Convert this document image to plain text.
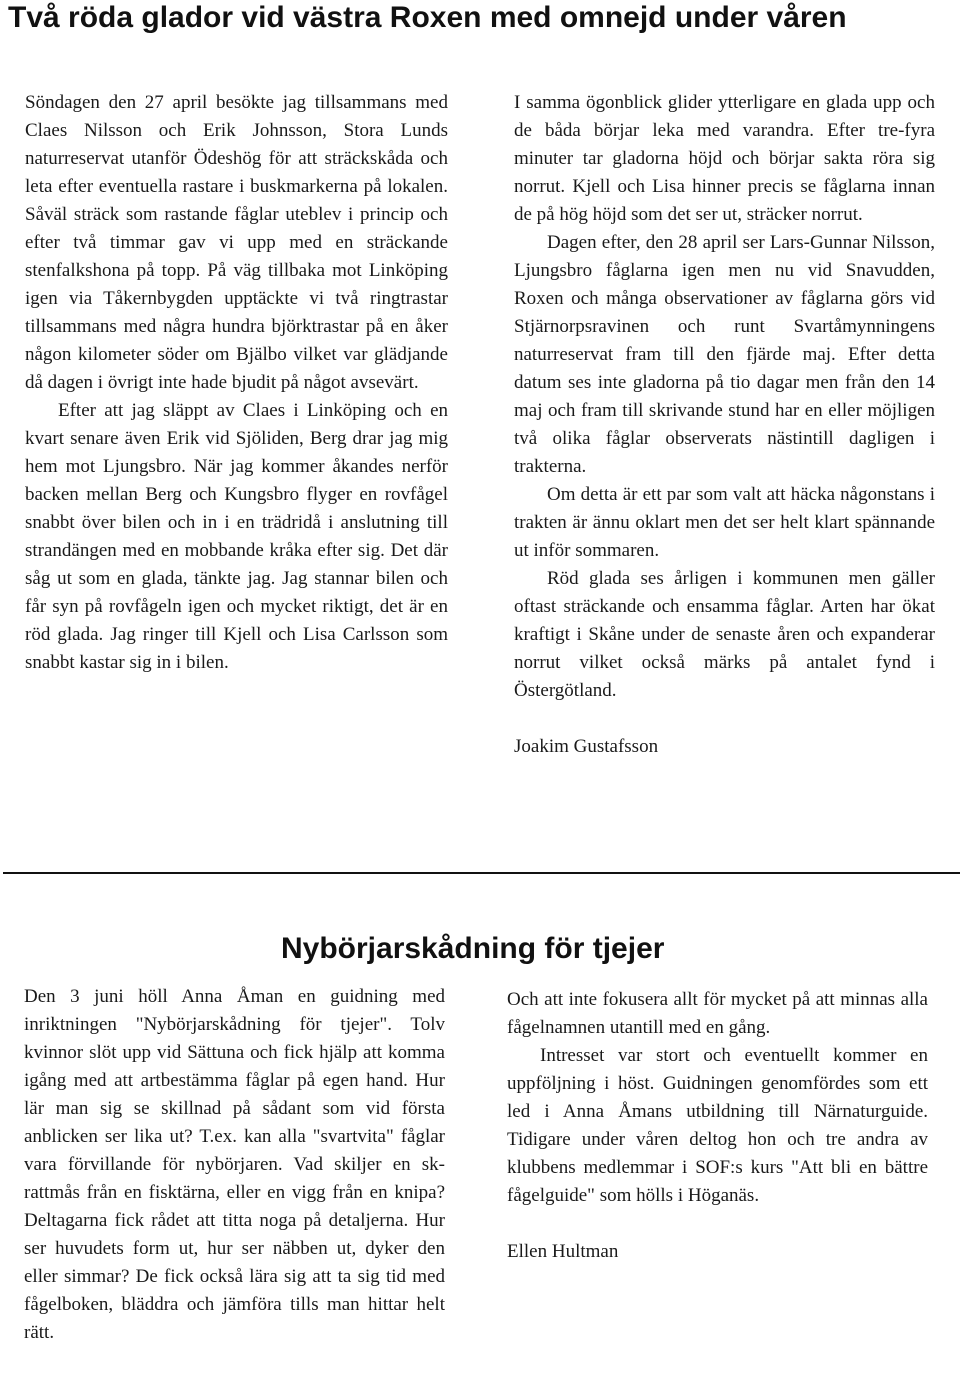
Två röda glador vid västra Roxen med omnejd under våren

Söndagen den 27 april besökte jag tillsammans med Claes Nilsson och Erik Johnsson, Stora Lunds naturreservat utanför Ödeshög för att sträckskåda och leta efter eventuella rastare i buskmarkerna på lokalen. Såväl sträck som rastande fåglar uteblev i princip och efter två timmar gav vi upp med en sträckande stenfalkshona på topp. På väg tillbaka mot Linköping igen via Tåkernbygden upptäckte vi två ringtrastar tillsammans med några hundra björktrastar på en åker någon kilometer söder om Bjälbo vilket var glädjande då dagen i övrigt inte hade bjudit på något avsevärt.

Efter att jag släppt av Claes i Linköping och en kvart senare även Erik vid Sjöliden, Berg drar jag mig hem mot Ljungsbro. När jag kommer åkandes nerför backen mellan Berg och Kungsbro flyger en rovfågel snabbt över bilen och in i en trädridå i anslutning till strandängen med en mobbande kråka efter sig. Det där såg ut som en glada, tänkte jag. Jag stannar bilen och får syn på rovfågeln igen och mycket riktigt, det är en röd glada. Jag ringer till Kjell och Lisa Carlsson som snabbt kastar sig in i bilen.

I samma ögonblick glider ytterligare en glada upp och de båda börjar leka med varandra. Efter tre-fyra minuter tar gladorna höjd och börjar sakta röra sig norrut. Kjell och Lisa hinner precis se fåglarna innan de på hög höjd som det ser ut, sträcker norrut.

Dagen efter, den 28 april ser Lars-Gunnar Nilsson, Ljungsbro fåglarna igen men nu vid Snavudden, Roxen och många observationer av fåglarna görs vid Stjärnorpsravinen och runt Svartåmynningens naturreservat fram till den fjärde maj. Efter detta datum ses inte gladorna på tio dagar men från den 14 maj och fram till skrivande stund har en eller möjligen två olika fåglar observerats nästintill dagligen i trakterna.

Om detta är ett par som valt att häcka någonstans i trakten är ännu oklart men det ser helt klart spännande ut inför sommaren.

Röd glada ses årligen i kommunen men gäller oftast sträckande och ensamma fåglar. Arten har ökat kraftigt i Skåne under de senaste åren och expanderar norrut vilket också märks på antalet fynd i Östergötland.

Joakim Gustafsson

Nybörjarskådning för tjejer

Den 3 juni höll Anna Åman en guidning med inriktningen "Nybörjarskådning för tjejer". Tolv kvinnor slöt upp vid Sättuna och fick hjälp att komma igång med att artbestämma fåglar på egen hand. Hur lär man sig se skillnad på sådant som vid första anblicken ser lika ut? T.ex. kan alla "svartvita" fåglar vara förvillande för nybörjaren. Vad skiljer en skrattmås från en fisktärna, eller en vigg från en knipa? Deltagarna fick rådet att titta noga på detaljerna. Hur ser huvudets form ut, hur ser näbben ut, dyker den eller simmar? De fick också lära sig att ta sig tid med fågelboken, bläddra och jämföra tills man hittar helt rätt.

Och att inte fokusera allt för mycket på att minnas alla fågelnamnen utantill med en gång.

Intresset var stort och eventuellt kommer en uppföljning i höst. Guidningen genomfördes som ett led i Anna Åmans utbildning till Närnaturguide. Tidigare under våren deltog hon och tre andra av klubbens medlemmar i SOF:s kurs "Att bli en bättre fågelguide" som hölls i Höganäs.

Ellen Hultman
